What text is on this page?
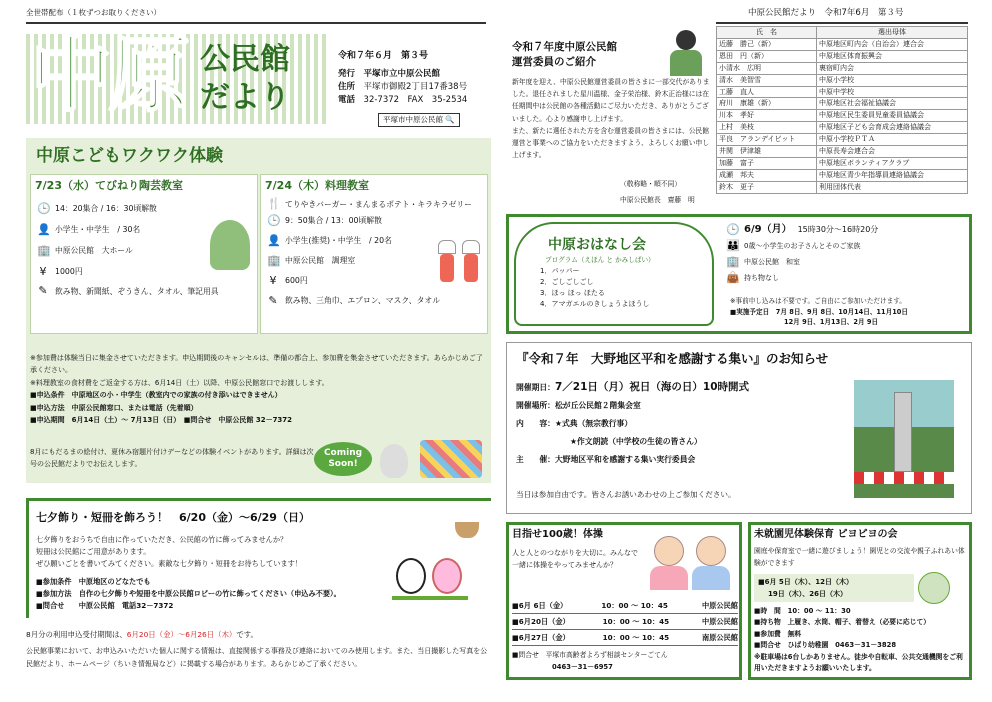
全世帯配布（１枚ずつお取りください）
中原 公民館
だより
令和７年６月　第３号
発行　 平塚市立中原公民館
住所　 平塚市御殿2丁目17番38号
電話　 32-7372　FAX　35-2534
平塚市中原公民館 🔍
中原こどもワクワク体験
7/23（水）てびねり陶芸教室
🕒 14：20集合 / 16：30頃解散
👤 小学生・中学生　/ 30名
🏢 中原公民館　大ホール
¥	1000円
✎ 飲み物、新聞紙、ぞうきん、タオル、筆記用具
7/24（木）料理教室
🍴 てりやきバーガー・まんまるポテト・キラキラゼリー
🕒 9：50集合 / 13：00頃解散
👤 小学生(推奨)・中学生　/ 20名
🏢 中原公民館　調理室
¥	600円
✎ 飲み物、三角巾、エプロン、マスク、タオル
※参加費は体験当日に集金させていただきます。申込期間後のキャンセルは、準備の都合上、参加費を集金させていただきます。あらかじめご了承ください。
※料理教室の食材費をご返金する方は、6月14日（土）以降、中原公民館窓口でお渡しします。
■申込条件　中原地区の小・中学生（教室内での家族の付き添いはできません）
■申込方法　中原公民館窓口、または電話（先着順）
■申込期間　6月14日（土）～ 7月13日（日）　■問合せ　中原公民館 32－7372
8月にもだるまの絵付け、夏休み宿題片付けデーなどの体験イベントがあります。詳細は次号の公民館だよりでお伝えします。
Coming Soon!
七夕飾り・短冊を飾ろう！　6/20（金）～6/29（日）
七夕飾りをおうちで自由に作っていただき、公民館の竹に飾ってみませんか？
短冊は公民館にご用意があります。
ぜひ願いごとを書いてみてください。素敵な七夕飾り・短冊をお待ちしています！
■参加条件　中原地区のどなたでも
■参加方法　自作の七夕飾りや短冊を中原公民館ロビーの竹に飾ってください（申込み不要）。
■問合せ　　中原公民館　電話32－7372
8月分の利用申込受付期間は、6月20日（金）～6月26日（木）です。
公民館事業において、お申込みいただいた個人に関する情報は、直接関係する事務及び連絡においてのみ使用します。また、当日撮影した写真を公民館だより、ホームページ（ちいき情報局など）に掲載する場合があります。あらかじめご了承ください。
令和７年度中原公民館
運営委員のご紹介
新年度を迎え、中原公民館運営委員の皆さまに一部交代がありました。退任されました星川温様、金子栄治様、鈴木正治様には在任期間中は公民館の各種活動にご尽力いただき、ありがとうございました。心より感謝申し上げます。
また、新たに選任された方を含む運営委員の皆さまには、公民館運営と事業へのご協力をいただきますよう、よろしくお願い申し上げます。
（敬称略・順不同）
中原公民館長　齋藤　明
中原公民館だより　令和7年6月　第３号
氏　名	選出母体
近藤　勝己（新）	中原地区町内会（自治会）連合会
恩田　円（新）	中原地区体育振興会
小清水　広明	裏宿町内会
清水　美智雪	中原小学校
工藤　直人	中原中学校
府川　康雄（新）	中原地区社会福祉協議会
川本　孝好	中原地区民生委員児童委員協議会
上村　美枝	中原地区子ども会育成会連絡協議会
平良　アランデイビット	中原小学校ＰＴＡ
井関　伊津雄	中原長寿会連合会
加藤　富子	中原地区ボランティアクラブ
成瀬　邦夫	中原地区青少年指導員連絡協議会
鈴木　更子	利用団体代表
中原おはなし会
プログラム（えほん と かみしばい）
1．パッパー
2．ごしごしごし
3．ほっ ほっ ほたる
4．アマガエルのきしょうよほうし
🕒 6/9（月） 15時30分～16時20分
👪 0歳～小学生のお子さんとそのご家族
🏢 中原公民館　和室
👜 持ち物なし
※事前申し込みは不要です。ご自由にご参加いただけます。
■実施予定日　7月 8日、9月 8日、10月14日、11月10日
12月 9日、1月13日、2月 9日
『令和７年　大野地区平和を感謝する集い』のお知らせ
開催期日：7／21日（月）祝日（海の日）10時開式
開催場所：松が丘公民館２階集会室
内　　容：★式典（無宗教行事）
★作文朗読（中学校の生徒の皆さん）
主　　催：大野地区平和を感謝する集い実行委員会
当日は参加自由です。皆さんお誘いあわせの上ご参加ください。
目指せ100歳！体操
人と人とのつながりを大切に。みんなで一緒に体操をやってみませんか？
■6月 6日（金）	10：00 ～ 10：45	中原公民館
■6月20日（金）	10：00 ～ 10：45	中原公民館
■6月27日（金）	10：00 ～ 10：45	南原公民館
■問合せ　平塚市高齢者よろず相談センターごてん
0463－31－6957
未就園児体験保育 ピヨピヨの会
園庭や保育室で一緒に遊びましょう！園児との交流や親子ふれあい体験ができます
■6月 5日（木）、12日（木）
19日（木）、26日（木）
■時　間　10：00 ～ 11：30
■持ち物　上履き、水筒、帽子、着替え（必要に応じて）
■参加費　無料
■問合せ　ひばり幼稚園　0463－31－3828
※駐車場は6台しかありません。徒歩や自転車、公共交通機関をご利用いただきますようお願いいたします。
